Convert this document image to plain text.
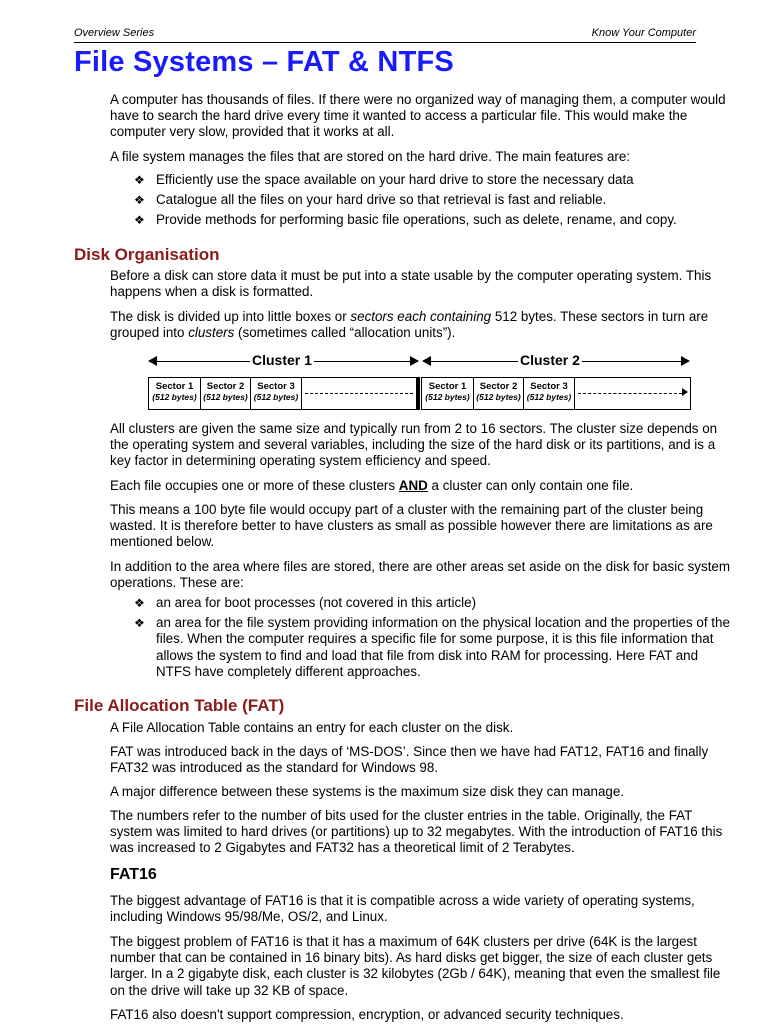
Overview Series	Know Your Computer
File Systems – FAT & NTFS

A computer has thousands of files. If there were no organized way of managing them, a computer would have to search the hard drive every time it wanted to access a particular file. This would make the computer very slow, provided that it works at all.

A file system manages the files that are stored on the hard drive. The main features are:

❖ Efficiently use the space available on your hard drive to store the necessary data
❖ Catalogue all the files on your hard drive so that retrieval is fast and reliable.
❖ Provide methods for performing basic file operations, such as delete, rename, and copy.
Disk Organisation

Before a disk can store data it must be put into a state usable by the computer operating system. This happens when a disk is formatted.

The disk is divided up into little boxes or sectors each containing 512 bytes. These sectors in turn are grouped into clusters (sometimes called “allocation units”).

Cluster 1	Cluster 2
Sector 1
(512 bytes)
Sector 2
(512 bytes)
Sector 3
(512 bytes)
Sector 1
(512 bytes)
Sector 2
(512 bytes)
Sector 3
(512 bytes)

All clusters are given the same size and typically run from 2 to 16 sectors. The cluster size depends on the operating system and several variables, including the size of the hard disk or its partitions, and is a key factor in determining operating system efficiency and speed.

Each file occupies one or more of these clusters AND a cluster can only contain one file.

This means a 100 byte file would occupy part of a cluster with the remaining part of the cluster being wasted. It is therefore better to have clusters as small as possible however there are limitations as are mentioned below.

In addition to the area where files are stored, there are other areas set aside on the disk for basic system operations. These are:

❖ an area for boot processes (not covered in this article)
❖ an area for the file system providing information on the physical location and the properties of the files. When the computer requires a specific file for some purpose, it is this file information that allows the system to find and load that file from disk into RAM for processing. Here FAT and NTFS have completely different approaches.
File Allocation Table (FAT)

A File Allocation Table contains an entry for each cluster on the disk.

FAT was introduced back in the days of ‘MS-DOS’. Since then we have had FAT12, FAT16 and finally FAT32 was introduced as the standard for Windows 98.

A major difference between these systems is the maximum size disk they can manage.

The numbers refer to the number of bits used for the cluster entries in the table. Originally, the FAT system was limited to hard drives (or partitions) up to 32 megabytes. With the introduction of FAT16 this was increased to 2 Gigabytes and FAT32 has a theoretical limit of 2 Terabytes.

FAT16

The biggest advantage of FAT16 is that it is compatible across a wide variety of operating systems, including Windows 95/98/Me, OS/2, and Linux.

The biggest problem of FAT16 is that it has a maximum of 64K clusters per drive (64K is the largest number that can be contained in 16 binary bits). As hard disks get bigger, the size of each cluster gets larger. In a 2 gigabyte disk, each cluster is 32 kilobytes (2Gb / 64K), meaning that even the smallest file on the drive will take up 32 KB of space.

FAT16 also doesn't support compression, encryption, or advanced security techniques.
